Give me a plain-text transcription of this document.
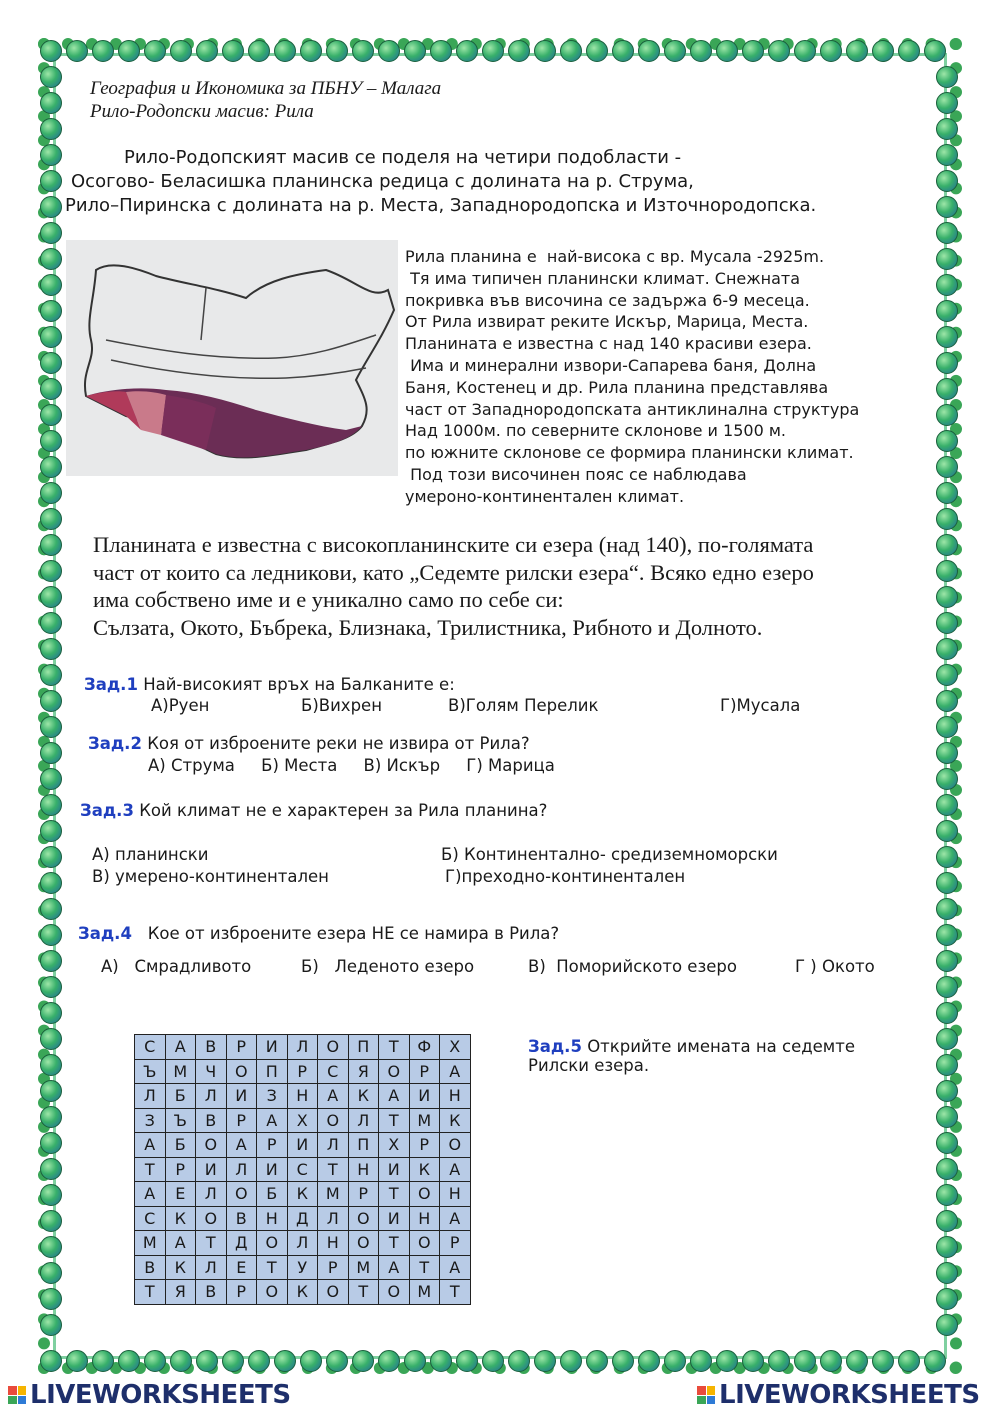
География и Икономика за ПБНУ – Малага
Рило-Родопски масив: Рила
Рило-Родопският масив се поделя на четири подобласти -
Осогово- Беласишка планинска редица с долината на р. Струма,
Рило–Пиринска с долината на р. Места, Западнородопска и Източнородопска.
Рила планина е  най-висока с вр. Мусала -2925m.
Тя има типичен планински климат. Снежната
покривка във височина се задържа 6-9 месеца.
От Рила извират реките Искър, Марица, Места.
Планината е известна с над 140 красиви езера.
Има и минерални извори-Сапарева баня, Долна
Баня, Костенец и др. Рила планина представлява
част от Западнородопската антиклинална структура
Над 1000м. по северните склонове и 1500 м.
по южните склонове се формира планински климат.
Под този височинен пояс се наблюдава
умероно-континентален климат.
Планината е известна с високопланинските си езера (над 140), по-голямата
част от които са ледникови, като „Седемте рилски езера“. Всяко едно езеро
има собствено име и е уникално само по себе си:
Сълзата, Окото, Бъбрека, Близнака, Трилистника, Рибното и Долното.
Зад.1 Най-високият връх на Балканите е:
А)Руен	Б)Вихрен	В)Голям Перелик	Г)Мусала
Зад.2 Коя от изброените реки не извира от Рила?
А) Струма     Б) Места     В) Искър     Г) Марица
Зад.3 Кой климат не е характерен за Рила планина?
А) планински	Б) Континентално- средиземноморски
В) умерено-континентален	Г)преходно-континентален
Зад.4 Кое от изброените езера НЕ се намира в Рила?
А)   Смрадливото	Б)   Леденото езеро	В)  Поморийското езеро	Г ) Окото
С	А	В	Р	И	Л	О	П	Т	Ф	Х
Ъ	М	Ч	О	П	Р	С	Я	О	Р	А
Л	Б	Л	И	З	Н	А	К	А	И	Н
З	Ъ	В	Р	А	Х	О	Л	Т	М	К
А	Б	О	А	Р	И	Л	П	Х	Р	О
Т	Р	И	Л	И	С	Т	Н	И	К	А
А	Е	Л	О	Б	К	М	Р	Т	О	Н
С	К	О	В	Н	Д	Л	О	И	Н	А
М	А	Т	Д	О	Л	Н	О	Т	О	Р
В	К	Л	Е	Т	У	Р	М	А	Т	А
Т	Я	В	Р	О	К	О	Т	О	М	Т
Зад.5 Открийте имената на седемте
Рилски езера.
LIVEWORKSHEETS	LIVEWORKSHEETS
